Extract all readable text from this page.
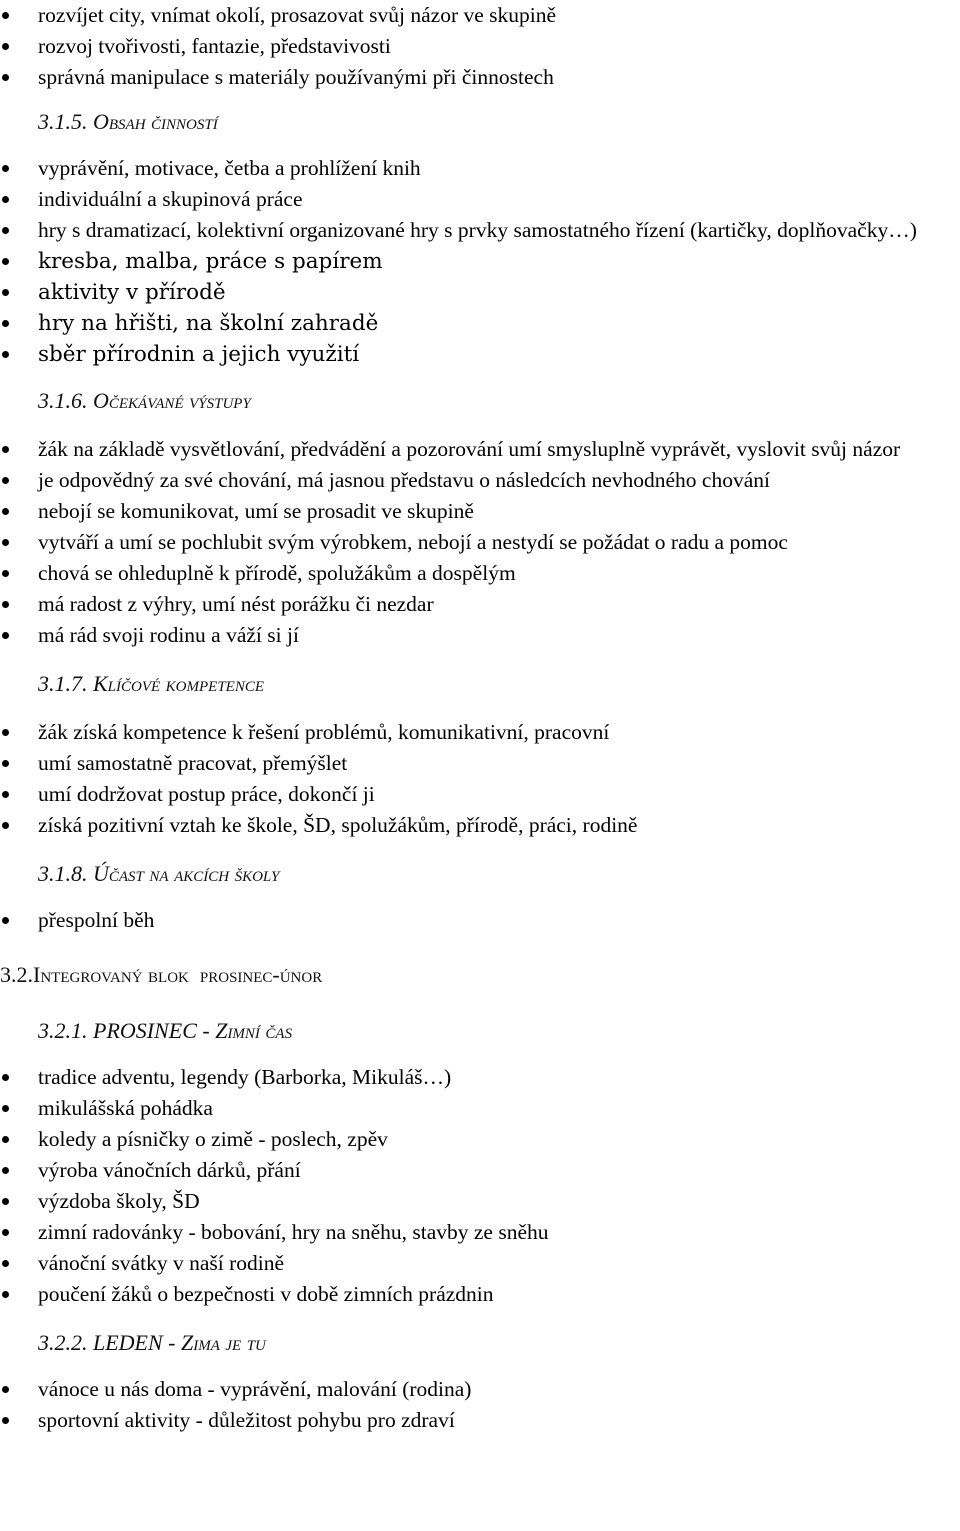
rozvíjet city, vnímat okolí, prosazovat svůj názor ve skupině
rozvoj tvořivosti, fantazie, představivosti
správná manipulace s materiály používanými při činnostech
3.1.5. Obsah činností
vyprávění, motivace, četba a prohlížení knih
individuální a skupinová práce
hry s dramatizací, kolektivní organizované hry s prvky samostatného řízení (kartičky, doplňovačky…)
kresba, malba, práce s papírem
aktivity v přírodě
hry na hřišti, na školní zahradě
sběr přírodnin a jejich využití
3.1.6. Očekávané výstupy
žák na základě vysvětlování, předvádění a pozorování umí smysluplně vyprávět, vyslovit svůj názor
je odpovědný za své chování, má jasnou představu o následcích nevhodného chování
nebojí se komunikovat, umí se prosadit ve skupině
vytváří a umí se pochlubit svým výrobkem, nebojí a nestydí se požádat o radu a pomoc
chová se ohleduplně k přírodě, spolužákům a dospělým
má radost z výhry, umí nést porážku či nezdar
má rád svoji rodinu a váží si jí
3.1.7. Klíčové kompetence
žák získá kompetence k řešení problémů, komunikativní, pracovní
umí samostatně pracovat, přemýšlet
umí dodržovat postup práce, dokončí ji
získá pozitivní vztah ke škole, ŠD, spolužákům, přírodě, práci, rodině
3.1.8. Účast na akcích školy
přespolní běh
3.2.Integrovaný blok  prosinec-únor
3.2.1. PROSINEC - Zimní čas
tradice adventu, legendy (Barborka, Mikuláš…)
mikulášská pohádka
koledy a písničky o zimě - poslech, zpěv
výroba vánočních dárků, přání
výzdoba školy, ŠD
zimní radovánky - bobování, hry na sněhu, stavby ze sněhu
vánoční svátky v naší rodině
poučení žáků o bezpečnosti v době zimních prázdnin
3.2.2. LEDEN - Zima je tu
vánoce u nás doma - vyprávění, malování (rodina)
sportovní aktivity - důležitost pohybu pro zdraví
